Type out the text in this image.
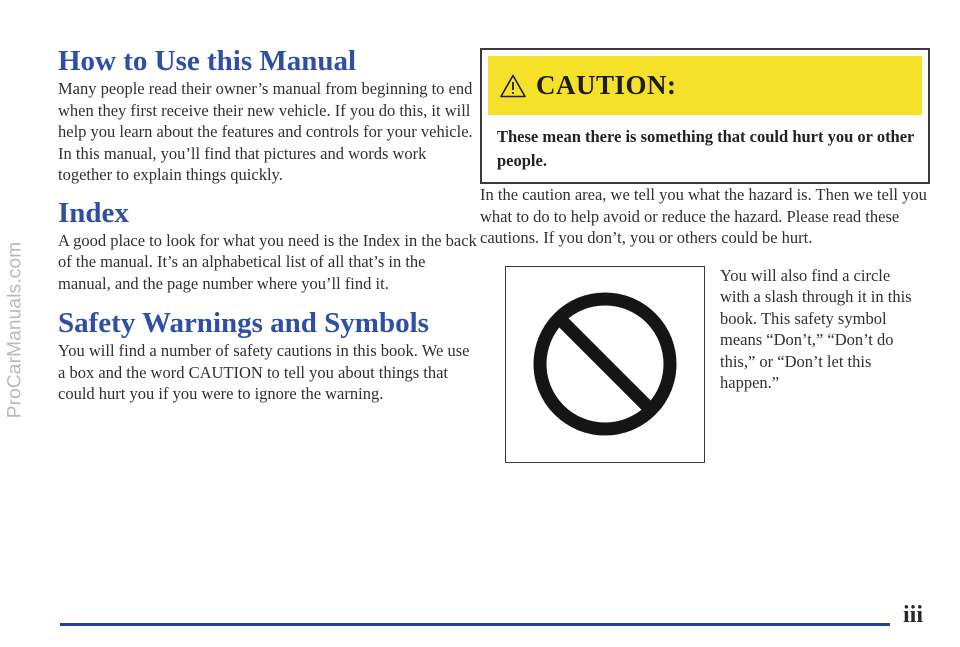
ProCarManuals.com
How to Use this Manual

Many people read their owner’s manual from beginning to end when they first receive their new vehicle. If you do this, it will help you learn about the features and controls for your vehicle. In this manual, you’ll find that pictures and words work together to explain things quickly.

Index

A good place to look for what you need is the Index in the back of the manual. It’s an alphabetical list of all that’s in the manual, and the page number where you’ll find it.

Safety Warnings and Symbols

You will find a number of safety cautions in this book. We use a box and the word CAUTION to tell you about things that could hurt you if you were to ignore the warning.

CAUTION:
These mean there is something that could hurt you or other people.

In the caution area, we tell you what the hazard is. Then we tell you what to do to help avoid or reduce the hazard. Please read these cautions. If you don’t, you or others could be hurt.

You will also find a circle with a slash through it in this book. This safety symbol means “Don’t,” “Don’t do this,” or “Don’t let this happen.”
iii
